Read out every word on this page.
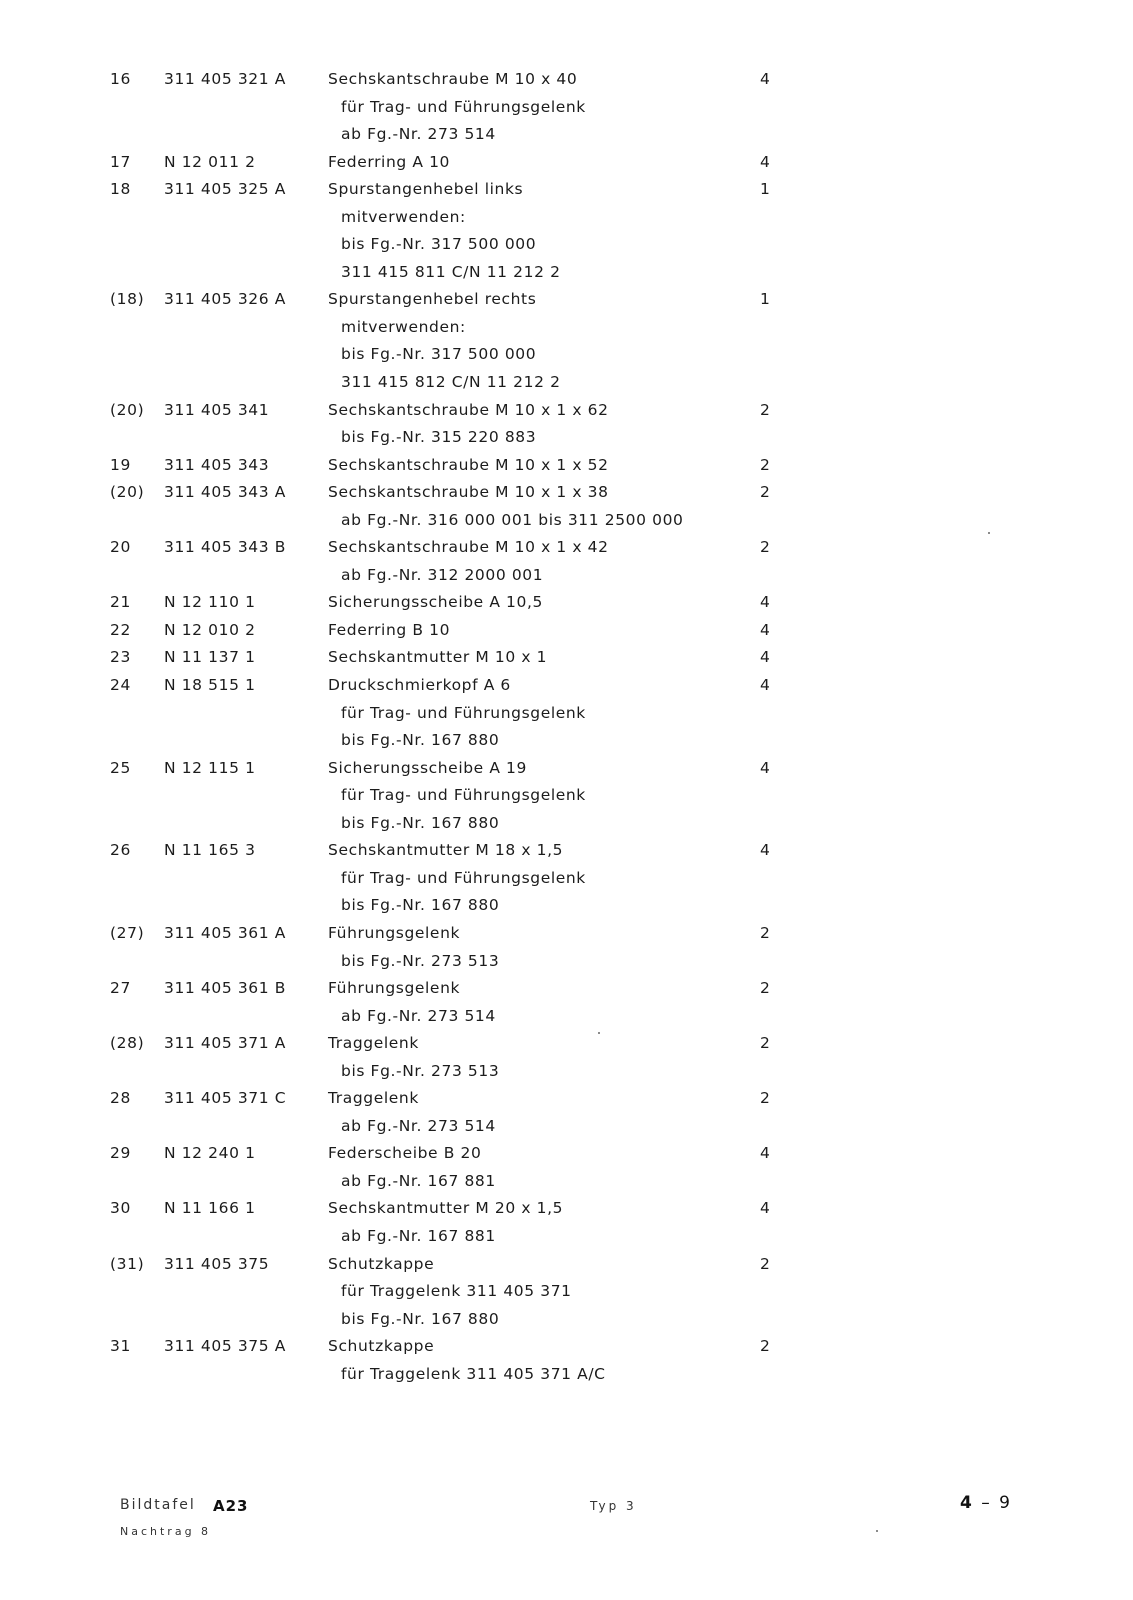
16 311 405 321 A	Sechskantschraube M 10 x 40	4
für Trag- und Führungsgelenk
ab Fg.-Nr. 273 514
17 N 12 011 2	Federring A 10	4
18 311 405 325 A	Spurstangenhebel links	1
mitverwenden:
bis Fg.-Nr. 317 500 000
311 415 811 C/N 11 212 2
(18) 311 405 326 A	Spurstangenhebel rechts	1
mitverwenden:
bis Fg.-Nr. 317 500 000
311 415 812 C/N 11 212 2
(20) 311 405 341	Sechskantschraube M 10 x 1 x 62	2
bis Fg.-Nr. 315 220 883
19 311 405 343	Sechskantschraube M 10 x 1 x 52	2
(20) 311 405 343 A	Sechskantschraube M 10 x 1 x 38	2
ab Fg.-Nr. 316 000 001 bis 311 2500 000
20 311 405 343 B	Sechskantschraube M 10 x 1 x 42	2
ab Fg.-Nr. 312 2000 001
21 N 12 110 1	Sicherungsscheibe A 10,5	4
22 N 12 010 2	Federring B 10	4
23 N 11 137 1	Sechskantmutter M 10 x 1	4
24 N 18 515 1	Druckschmierkopf A 6	4
für Trag- und Führungsgelenk
bis Fg.-Nr. 167 880
25 N 12 115 1	Sicherungsscheibe A 19	4
für Trag- und Führungsgelenk
bis Fg.-Nr. 167 880
26 N 11 165 3	Sechskantmutter M 18 x 1,5	4
für Trag- und Führungsgelenk
bis Fg.-Nr. 167 880
(27) 311 405 361 A	Führungsgelenk	2
bis Fg.-Nr. 273 513
27 311 405 361 B	Führungsgelenk	2
ab Fg.-Nr. 273 514
(28) 311 405 371 A	Traggelenk	2
bis Fg.-Nr. 273 513
28 311 405 371 C	Traggelenk	2
ab Fg.-Nr. 273 514
29 N 12 240 1	Federscheibe B 20	4
ab Fg.-Nr. 167 881
30 N 11 166 1	Sechskantmutter M 20 x 1,5	4
ab Fg.-Nr. 167 881
(31) 311 405 375	Schutzkappe	2
für Traggelenk 311 405 371
bis Fg.-Nr. 167 880
31 311 405 375 A	Schutzkappe	2
für Traggelenk 311 405 371 A/C
Bildtafel A23
Nachtrag 8
Typ 3	4 – 9
